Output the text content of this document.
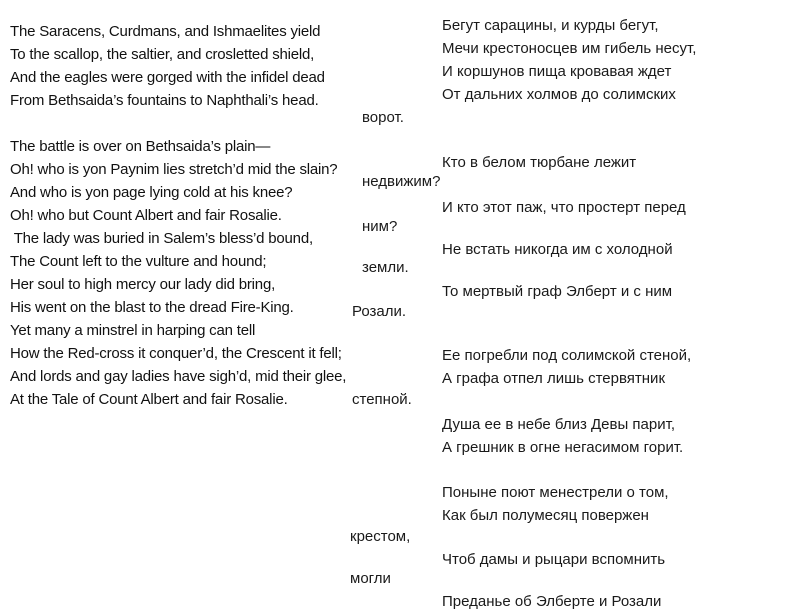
The Saracens, Curdmans, and Ishmaelites yield
To the scallop, the saltier, and crosletted shield,
And the eagles were gorged with the infidel dead
From Bethsaida’s fountains to Naphthali’s head.
The battle is over on Bethsaida’s plain—
Oh! who is yon Paynim lies stretch’d mid the slain?
And who is yon page lying cold at his knee?
Oh! who but Count Albert and fair Rosalie.
The lady was buried in Salem’s bless’d bound,
The Count left to the vulture and hound;
Her soul to high mercy our lady did bring,
His went on the blast to the dread Fire-King.
Yet many a minstrel in harping can tell
How the Red-cross it conquer’d, the Crescent it fell;
And lords and gay ladies have sigh’d, mid their glee,
At the Tale of Count Albert and fair Rosalie.
Бегут сарацины, и курды бегут,
Мечи крестоносцев им гибель несут,
И коршунов пища кровавая ждет
От дальних холмов до солимских
ворот.
Кто в белом тюрбане лежит
недвижим?
И кто этот паж, что простерт перед
ним?
Не встать никогда им с холодной
земли.
То мертвый граф Элберт и с ним
Розали.
Ее погребли под солимской стеной,
А графа отпел лишь стервятник
степной.
Душа ее в небе близ Девы парит,
А грешник в огне негасимом горит.
Поныне поют менестрели о том,
Как был полумесяц повержен
крестом,
Чтоб дамы и рыцари вспомнить
могли
Преданье об Элберте и Розали
